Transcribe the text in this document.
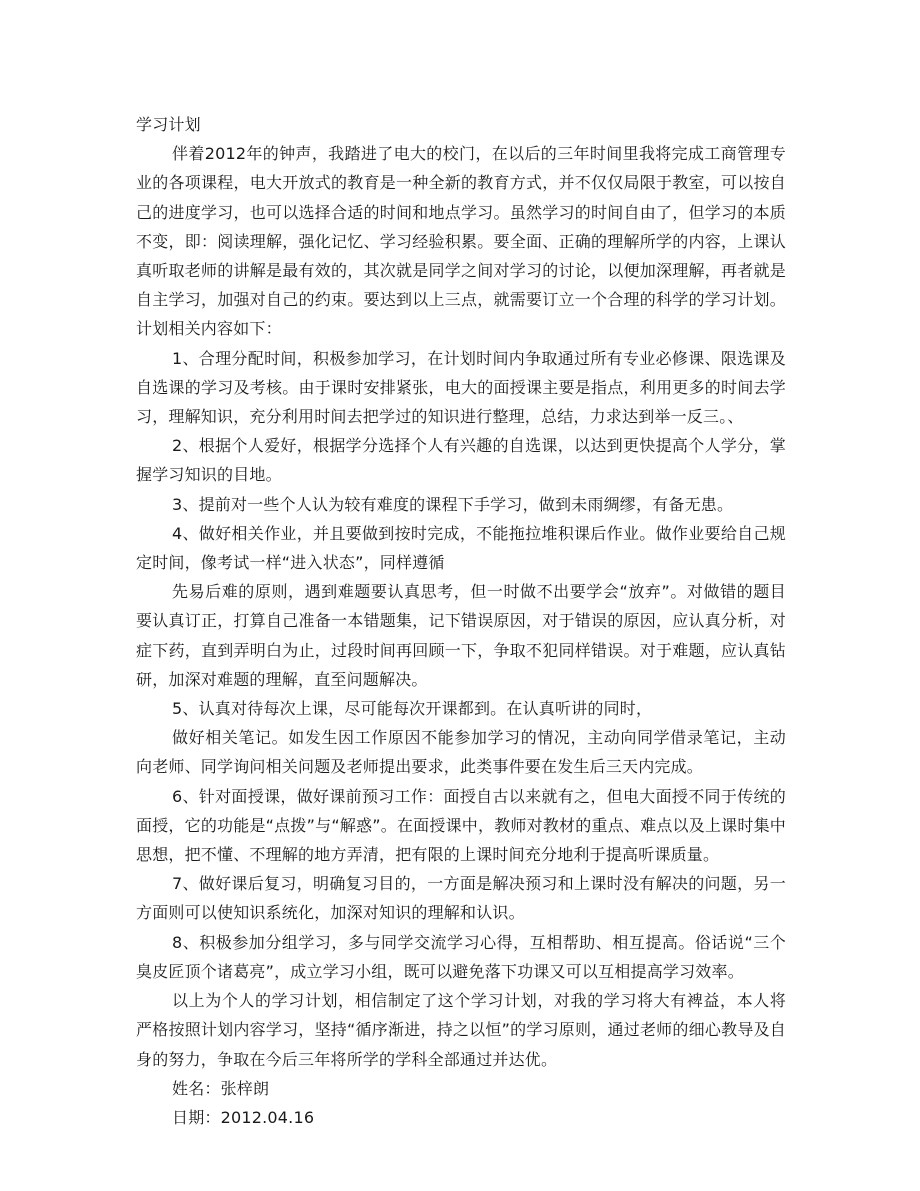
学习计划

伴着2012年的钟声，我踏进了电大的校门，在以后的三年时间里我将完成工商管理专业的各项课程，电大开放式的教育是一种全新的教育方式，并不仅仅局限于教室，可以按自己的进度学习，也可以选择合适的时间和地点学习。虽然学习的时间自由了，但学习的本质不变，即：阅读理解，强化记忆、学习经验积累。要全面、正确的理解所学的内容，上课认真听取老师的讲解是最有效的，其次就是同学之间对学习的讨论，以便加深理解，再者就是自主学习，加强对自己的约束。要达到以上三点，就需要订立一个合理的科学的学习计划。计划相关内容如下：

1、合理分配时间，积极参加学习，在计划时间内争取通过所有专业必修课、限选课及自选课的学习及考核。由于课时安排紧张，电大的面授课主要是指点，利用更多的时间去学习，理解知识，充分利用时间去把学过的知识进行整理，总结，力求达到举一反三。、

2、根据个人爱好，根据学分选择个人有兴趣的自选课，以达到更快提高个人学分，掌握学习知识的目地。

3、提前对一些个人认为较有难度的课程下手学习，做到未雨绸缪，有备无患。

4、做好相关作业，并且要做到按时完成，不能拖拉堆积课后作业。做作业要给自己规定时间，像考试一样“进入状态”，同样遵循

先易后难的原则，遇到难题要认真思考，但一时做不出要学会“放弃”。对做错的题目要认真订正，打算自己准备一本错题集，记下错误原因，对于错误的原因，应认真分析，对症下药，直到弄明白为止，过段时间再回顾一下，争取不犯同样错误。对于难题，应认真钻研，加深对难题的理解，直至问题解决。

5、认真对待每次上课，尽可能每次开课都到。在认真听讲的同时，

做好相关笔记。如发生因工作原因不能参加学习的情况，主动向同学借录笔记，主动向老师、同学询问相关问题及老师提出要求，此类事件要在发生后三天内完成。

6、针对面授课，做好课前预习工作：面授自古以来就有之，但电大面授不同于传统的面授，它的功能是“点拨”与“解惑”。在面授课中，教师对教材的重点、难点以及上课时集中思想，把不懂、不理解的地方弄清，把有限的上课时间充分地利于提高听课质量。

7、做好课后复习，明确复习目的，一方面是解决预习和上课时没有解决的问题，另一方面则可以使知识系统化，加深对知识的理解和认识。

8、积极参加分组学习，多与同学交流学习心得，互相帮助、相互提高。俗话说“三个臭皮匠顶个诸葛亮”，成立学习小组，既可以避免落下功课又可以互相提高学习效率。

以上为个人的学习计划，相信制定了这个学习计划，对我的学习将大有裨益，本人将严格按照计划内容学习，坚持“循序渐进，持之以恒”的学习原则，通过老师的细心教导及自身的努力，争取在今后三年将所学的学科全部通过并达优。

姓名：张梓朗

日期：2012.04.16
